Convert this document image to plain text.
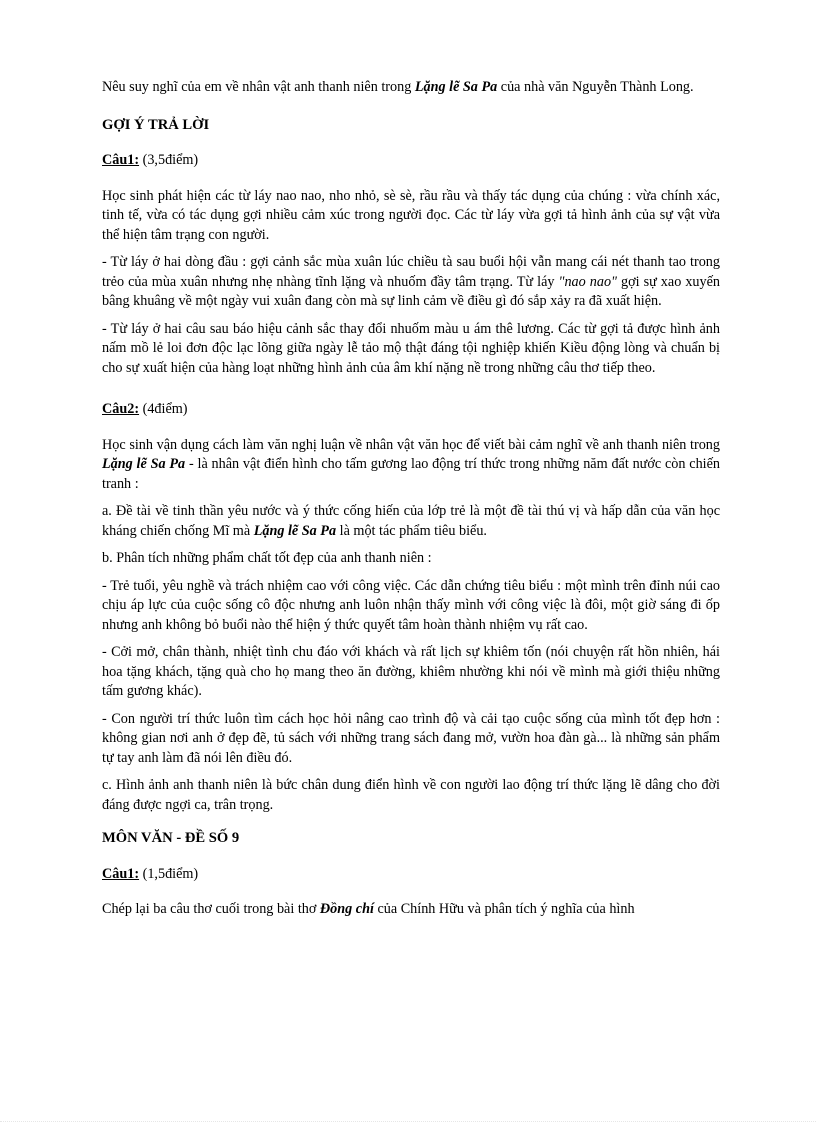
Nêu suy nghĩ của em về nhân vật anh thanh niên trong Lặng lẽ Sa Pa của nhà văn Nguyễn Thành Long.

GỢI Ý TRẢ LỜI

Câu1: (3,5điểm)

Học sinh phát hiện các từ láy nao nao, nho nhỏ, sè sè, rầu rầu và thấy tác dụng của chúng : vừa chính xác, tinh tế, vừa có tác dụng gợi nhiều cảm xúc trong người đọc. Các từ láy vừa gợi tả hình ảnh của sự vật vừa thể hiện tâm trạng con người.

- Từ láy ở hai dòng đầu : gợi cảnh sắc mùa xuân lúc chiều tà sau buổi hội vẫn mang cái nét thanh tao trong trẻo của mùa xuân nhưng nhẹ nhàng tĩnh lặng và nhuốm đầy tâm trạng. Từ láy "nao nao" gợi sự xao xuyến bâng khuâng về một ngày vui xuân đang còn mà sự linh cảm về điều gì đó sắp xảy ra đã xuất hiện.

- Từ láy ở hai câu sau báo hiệu cảnh sắc thay đổi nhuốm màu u ám thê lương. Các từ gợi tả được hình ảnh nấm mồ lẻ loi đơn độc lạc lõng giữa ngày lễ tảo mộ thật đáng tội nghiệp khiến Kiều động lòng và chuẩn bị cho sự xuất hiện của hàng loạt những hình ảnh của âm khí nặng nề trong những câu thơ tiếp theo.

Câu2: (4điểm)

Học sinh vận dụng cách làm văn nghị luận về nhân vật văn học để viết bài cảm nghĩ về anh thanh niên trong Lặng lẽ Sa Pa - là nhân vật điển hình cho tấm gương lao động trí thức trong những năm đất nước còn chiến tranh :

a. Đề tài về tinh thần yêu nước và ý thức cống hiến của lớp trẻ là một đề tài thú vị và hấp dẫn của văn học kháng chiến chống Mĩ mà Lặng lẽ Sa Pa là một tác phẩm tiêu biểu.

b. Phân tích những phẩm chất tốt đẹp của anh thanh niên :

- Trẻ tuổi, yêu nghề và trách nhiệm cao với công việc. Các dẫn chứng tiêu biểu : một mình trên đỉnh núi cao chịu áp lực của cuộc sống cô độc nhưng anh luôn nhận thấy mình với công việc là đôi, một giờ sáng đi ốp nhưng anh không bỏ buổi nào thể hiện ý thức quyết tâm hoàn thành nhiệm vụ rất cao.

- Cởi mở, chân thành, nhiệt tình chu đáo với khách và rất lịch sự khiêm tốn (nói chuyện rất hồn nhiên, hái hoa tặng khách, tặng quà cho họ mang theo ăn đường, khiêm nhường khi nói về mình mà giới thiệu những tấm gương khác).

- Con người trí thức luôn tìm cách học hỏi nâng cao trình độ và cải tạo cuộc sống của mình tốt đẹp hơn : không gian nơi anh ở đẹp đẽ, tủ sách với những trang sách đang mở, vườn hoa đàn gà... là những sản phẩm tự tay anh làm đã nói lên điều đó.

c. Hình ảnh anh thanh niên là bức chân dung điển hình về con người lao động trí thức lặng lẽ dâng cho đời đáng được ngợi ca, trân trọng.

MÔN VĂN - ĐỀ SỐ 9

Câu1: (1,5điểm)

Chép lại ba câu thơ cuối trong bài thơ Đồng chí của Chính Hữu và phân tích ý nghĩa của hình
